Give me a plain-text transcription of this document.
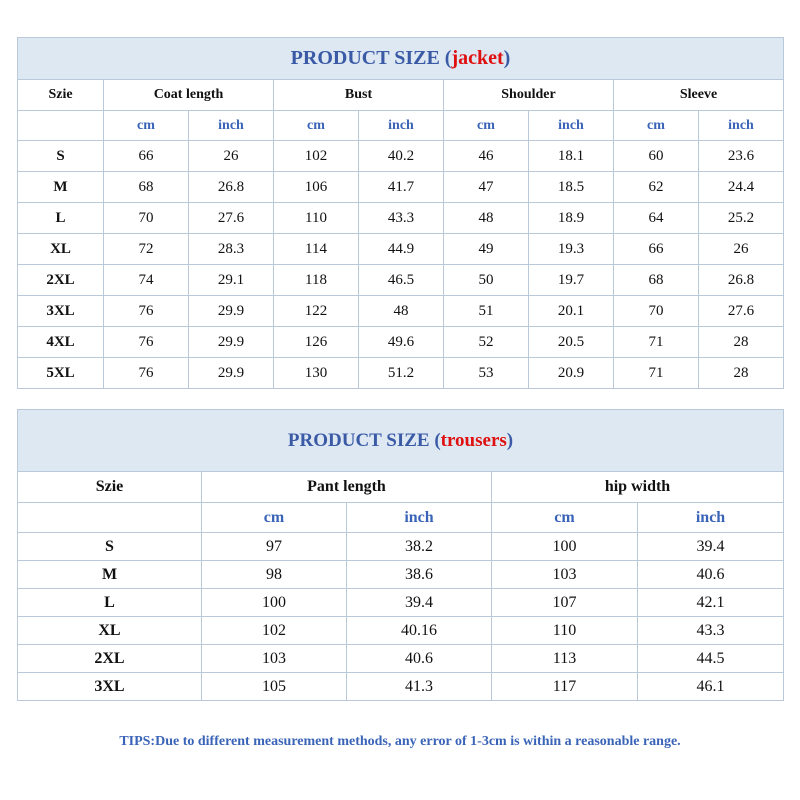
PRODUCT SIZE (jacket)								
Szie	Coat length		Bust		Shoulder		Sleeve	
	cm	inch	cm	inch	cm	inch	cm	inch
S	66	26	102	40.2	46	18.1	60	23.6
M	68	26.8	106	41.7	47	18.5	62	24.4
L	70	27.6	110	43.3	48	18.9	64	25.2
XL	72	28.3	114	44.9	49	19.3	66	26
2XL	74	29.1	118	46.5	50	19.7	68	26.8
3XL	76	29.9	122	48	51	20.1	70	27.6
4XL	76	29.9	126	49.6	52	20.5	71	28
5XL	76	29.9	130	51.2	53	20.9	71	28
PRODUCT SIZE (trousers)				
Szie	Pant length		hip width	
	cm	inch	cm	inch
S	97	38.2	100	39.4
M	98	38.6	103	40.6
L	100	39.4	107	42.1
XL	102	40.16	110	43.3
2XL	103	40.6	113	44.5
3XL	105	41.3	117	46.1
TIPS:Due to different measurement methods, any error of 1-3cm is within a reasonable range.
